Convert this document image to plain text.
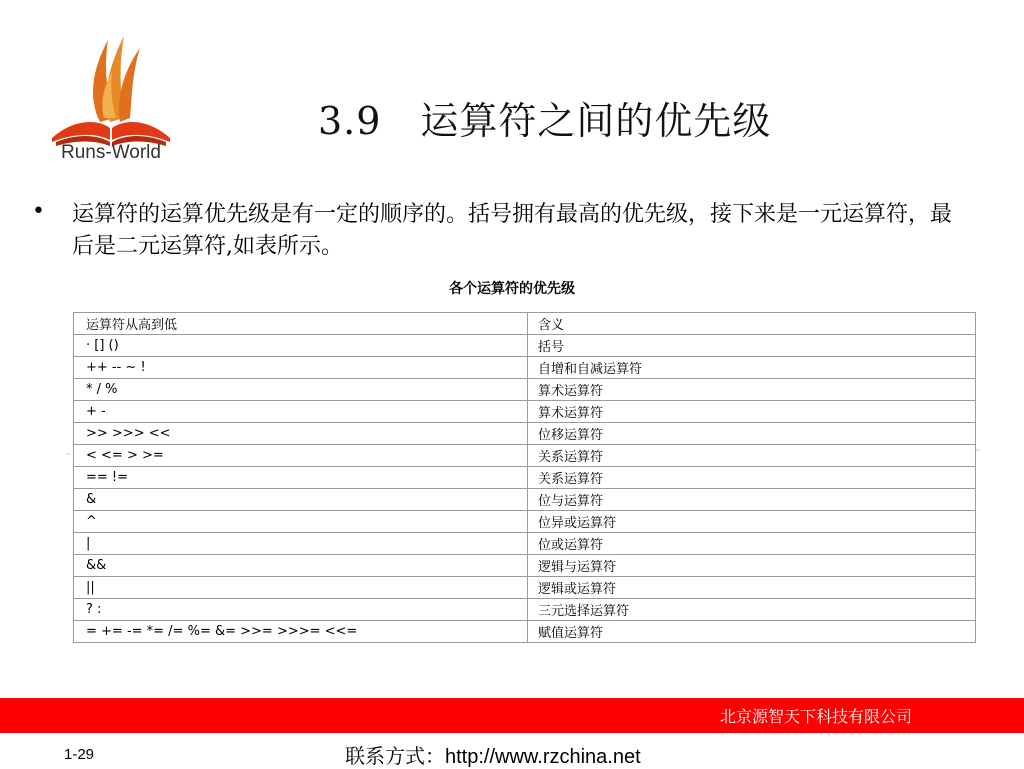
Runs-World
3.9　运算符之间的优先级
• 运算符的运算优先级是有一定的顺序的。括号拥有最高的优先级，接下来是一元运算符，最后是二元运算符,如表所示。
各个运算符的优先级
运算符从高到低	含义
· [] ()	括号
++ -- ~ !	自增和自减运算符
* / %	算术运算符
+ -	算术运算符
>> >>> <<	位移运算符
< <= > >=	关系运算符
== !=	关系运算符
&	位与运算符
^	位异或运算符
|	位或运算符
&&	逻辑与运算符
||	逻辑或运算符
? :	三元选择运算符
= += -= *= /= %= &= >>= >>>= <<=	赋值运算符
··	··
北京源智天下科技有限公司
1-29	联系方式：http://www.rzchina.net
